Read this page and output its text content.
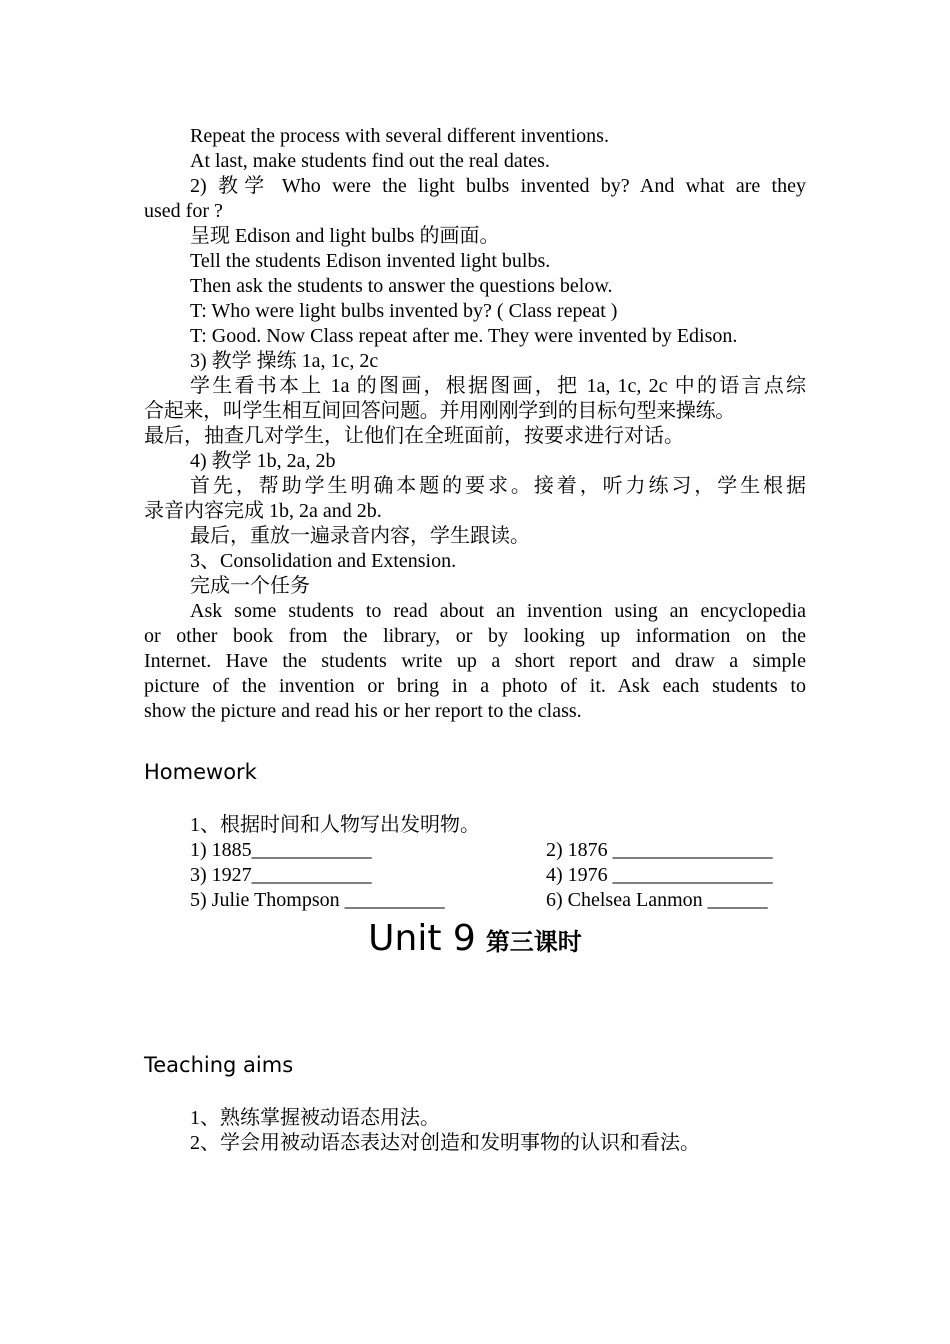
Repeat the process with several different inventions.
At last, make students find out the real dates.
2) 教学 Who were the light bulbs invented by? And what are they
used for ?
呈现 Edison and light bulbs 的画面。
Tell the students Edison invented light bulbs.
Then ask the students to answer the questions below.
T: Who were light bulbs invented by? ( Class repeat )
T: Good. Now Class repeat after me. They were invented by Edison.
3) 教学 操练 1a, 1c, 2c
学生看书本上 1a 的图画，根据图画，把 1a, 1c, 2c 中的语言点综
合起来，叫学生相互间回答问题。并用刚刚学到的目标句型来操练。
最后，抽查几对学生，让他们在全班面前，按要求进行对话。
4) 教学 1b, 2a, 2b
首先，帮助学生明确本题的要求。接着，听力练习，学生根据
录音内容完成 1b, 2a and 2b.
最后，重放一遍录音内容，学生跟读。
3、Consolidation and Extension.
完成一个任务
Ask some students to read about an invention using an encyclopedia
or other book from the library, or by looking up information on the
Internet. Have the students write up a short report and draw a simple
picture of the invention or bring in a photo of it. Ask each students to
show the picture and read his or her report to the class.
Homework
1、根据时间和人物写出发明物。
1) 1885____________	2) 1876 ________________
3) 1927____________	4) 1976 ________________
5) Julie Thompson __________	6) Chelsea Lanmon ______
Unit 9 第三课时
Teaching aims
1、熟练掌握被动语态用法。
2、学会用被动语态表达对创造和发明事物的认识和看法。
